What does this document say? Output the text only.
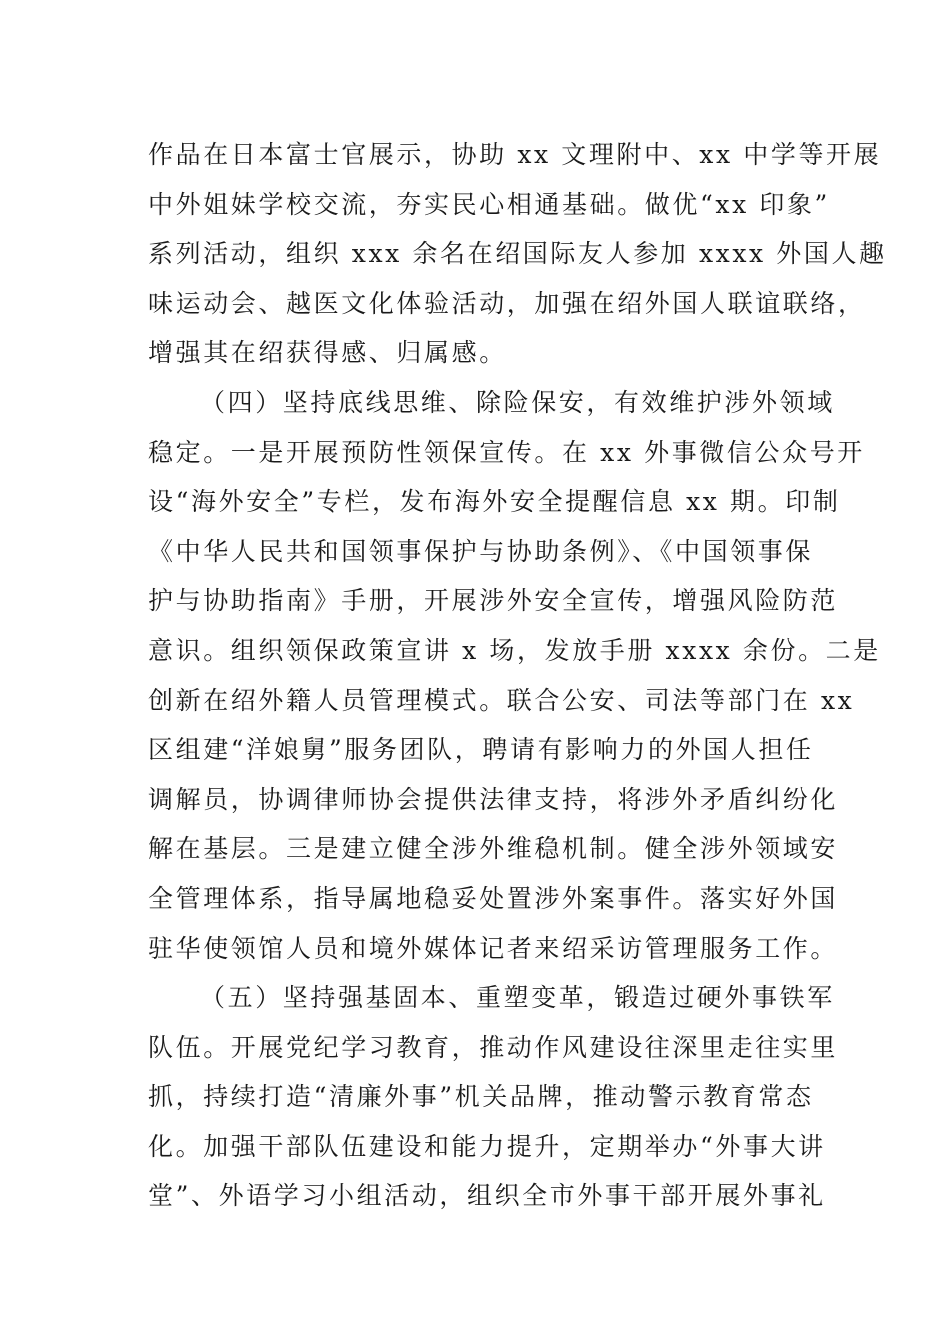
作品在日本富士官展示，协助 xx 文理附中、xx 中学等开展
中外姐妹学校交流，夯实民心相通基础。做优“xx 印象”
系列活动，组织 xxx 余名在绍国际友人参加 xxxx 外国人趣
味运动会、越医文化体验活动，加强在绍外国人联谊联络，
增强其在绍获得感、归属感。
（四）坚持底线思维、除险保安，有效维护涉外领域
稳定。一是开展预防性领保宣传。在 xx 外事微信公众号开
设“海外安全”专栏，发布海外安全提醒信息 xx 期。印制
《中华人民共和国领事保护与协助条例》、《中国领事保
护与协助指南》手册，开展涉外安全宣传，增强风险防范
意识。组织领保政策宣讲 x 场，发放手册 xxxx 余份。二是
创新在绍外籍人员管理模式。联合公安、司法等部门在 xx
区组建“洋娘舅”服务团队，聘请有影响力的外国人担任
调解员，协调律师协会提供法律支持，将涉外矛盾纠纷化
解在基层。三是建立健全涉外维稳机制。健全涉外领域安
全管理体系，指导属地稳妥处置涉外案事件。落实好外国
驻华使领馆人员和境外媒体记者来绍采访管理服务工作。
（五）坚持强基固本、重塑变革，锻造过硬外事铁军
队伍。开展党纪学习教育，推动作风建设往深里走往实里
抓，持续打造“清廉外事”机关品牌，推动警示教育常态
化。加强干部队伍建设和能力提升，定期举办“外事大讲
堂”、外语学习小组活动，组织全市外事干部开展外事礼
